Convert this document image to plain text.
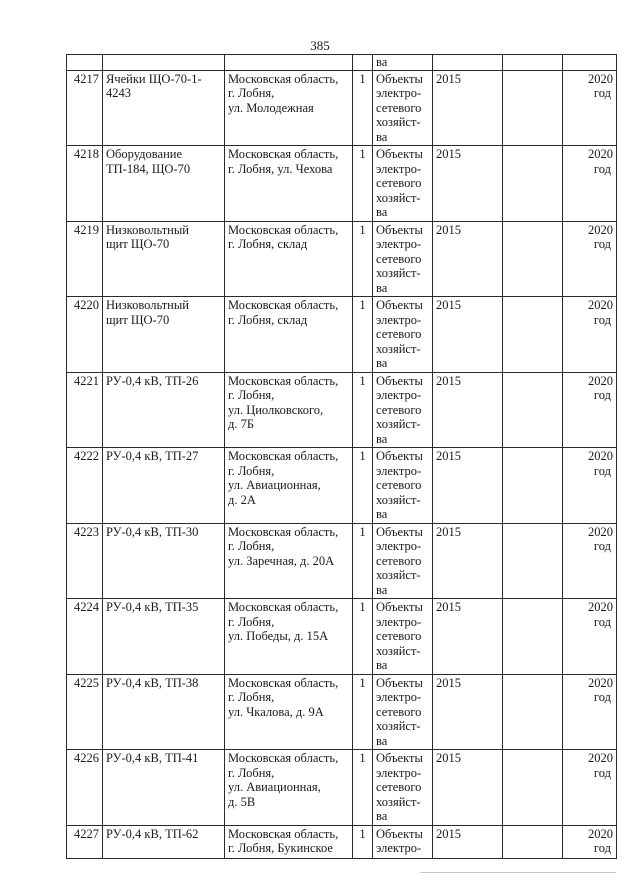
385
				ва			
4217	Ячейки ЩО-70-1-
4243	Московская область,
г. Лобня,
ул. Молодежная	1	Объекты
электро-
сетевого
хозяйст-
ва	2015		2020
год

4218	Оборудование
ТП-184, ЩО-70	Московская область,
г. Лобня, ул. Чехова	1	Объекты
электро-
сетевого
хозяйст-
ва	2015		2020
год

4219	Низковольтный
щит ЩО-70	Московская область,
г. Лобня, склад	1	Объекты
электро-
сетевого
хозяйст-
ва	2015		2020
год

4220	Низковольтный
щит ЩО-70	Московская область,
г. Лобня, склад	1	Объекты
электро-
сетевого
хозяйст-
ва	2015		2020
год

4221	РУ-0,4 кВ, ТП-26	Московская область,
г. Лобня,
ул. Циолковского,
д. 7Б	1	Объекты
электро-
сетевого
хозяйст-
ва	2015		2020
год

4222	РУ-0,4 кВ, ТП-27	Московская область,
г. Лобня,
ул. Авиационная,
д. 2А	1	Объекты
электро-
сетевого
хозяйст-
ва	2015		2020
год

4223	РУ-0,4 кВ, ТП-30	Московская область,
г. Лобня,
ул. Заречная, д. 20А	1	Объекты
электро-
сетевого
хозяйст-
ва	2015		2020
год

4224	РУ-0,4 кВ, ТП-35	Московская область,
г. Лобня,
ул. Победы, д. 15А	1	Объекты
электро-
сетевого
хозяйст-
ва	2015		2020
год

4225	РУ-0,4 кВ, ТП-38	Московская область,
г. Лобня,
ул. Чкалова, д. 9А	1	Объекты
электро-
сетевого
хозяйст-
ва	2015		2020
год

4226	РУ-0,4 кВ, ТП-41	Московская область,
г. Лобня,
ул. Авиационная,
д. 5В	1	Объекты
электро-
сетевого
хозяйст-
ва	2015		2020
год

4227	РУ-0,4 кВ, ТП-62	Московская область,
г. Лобня, Букинское	1	Объекты
электро-	2015		2020
год
